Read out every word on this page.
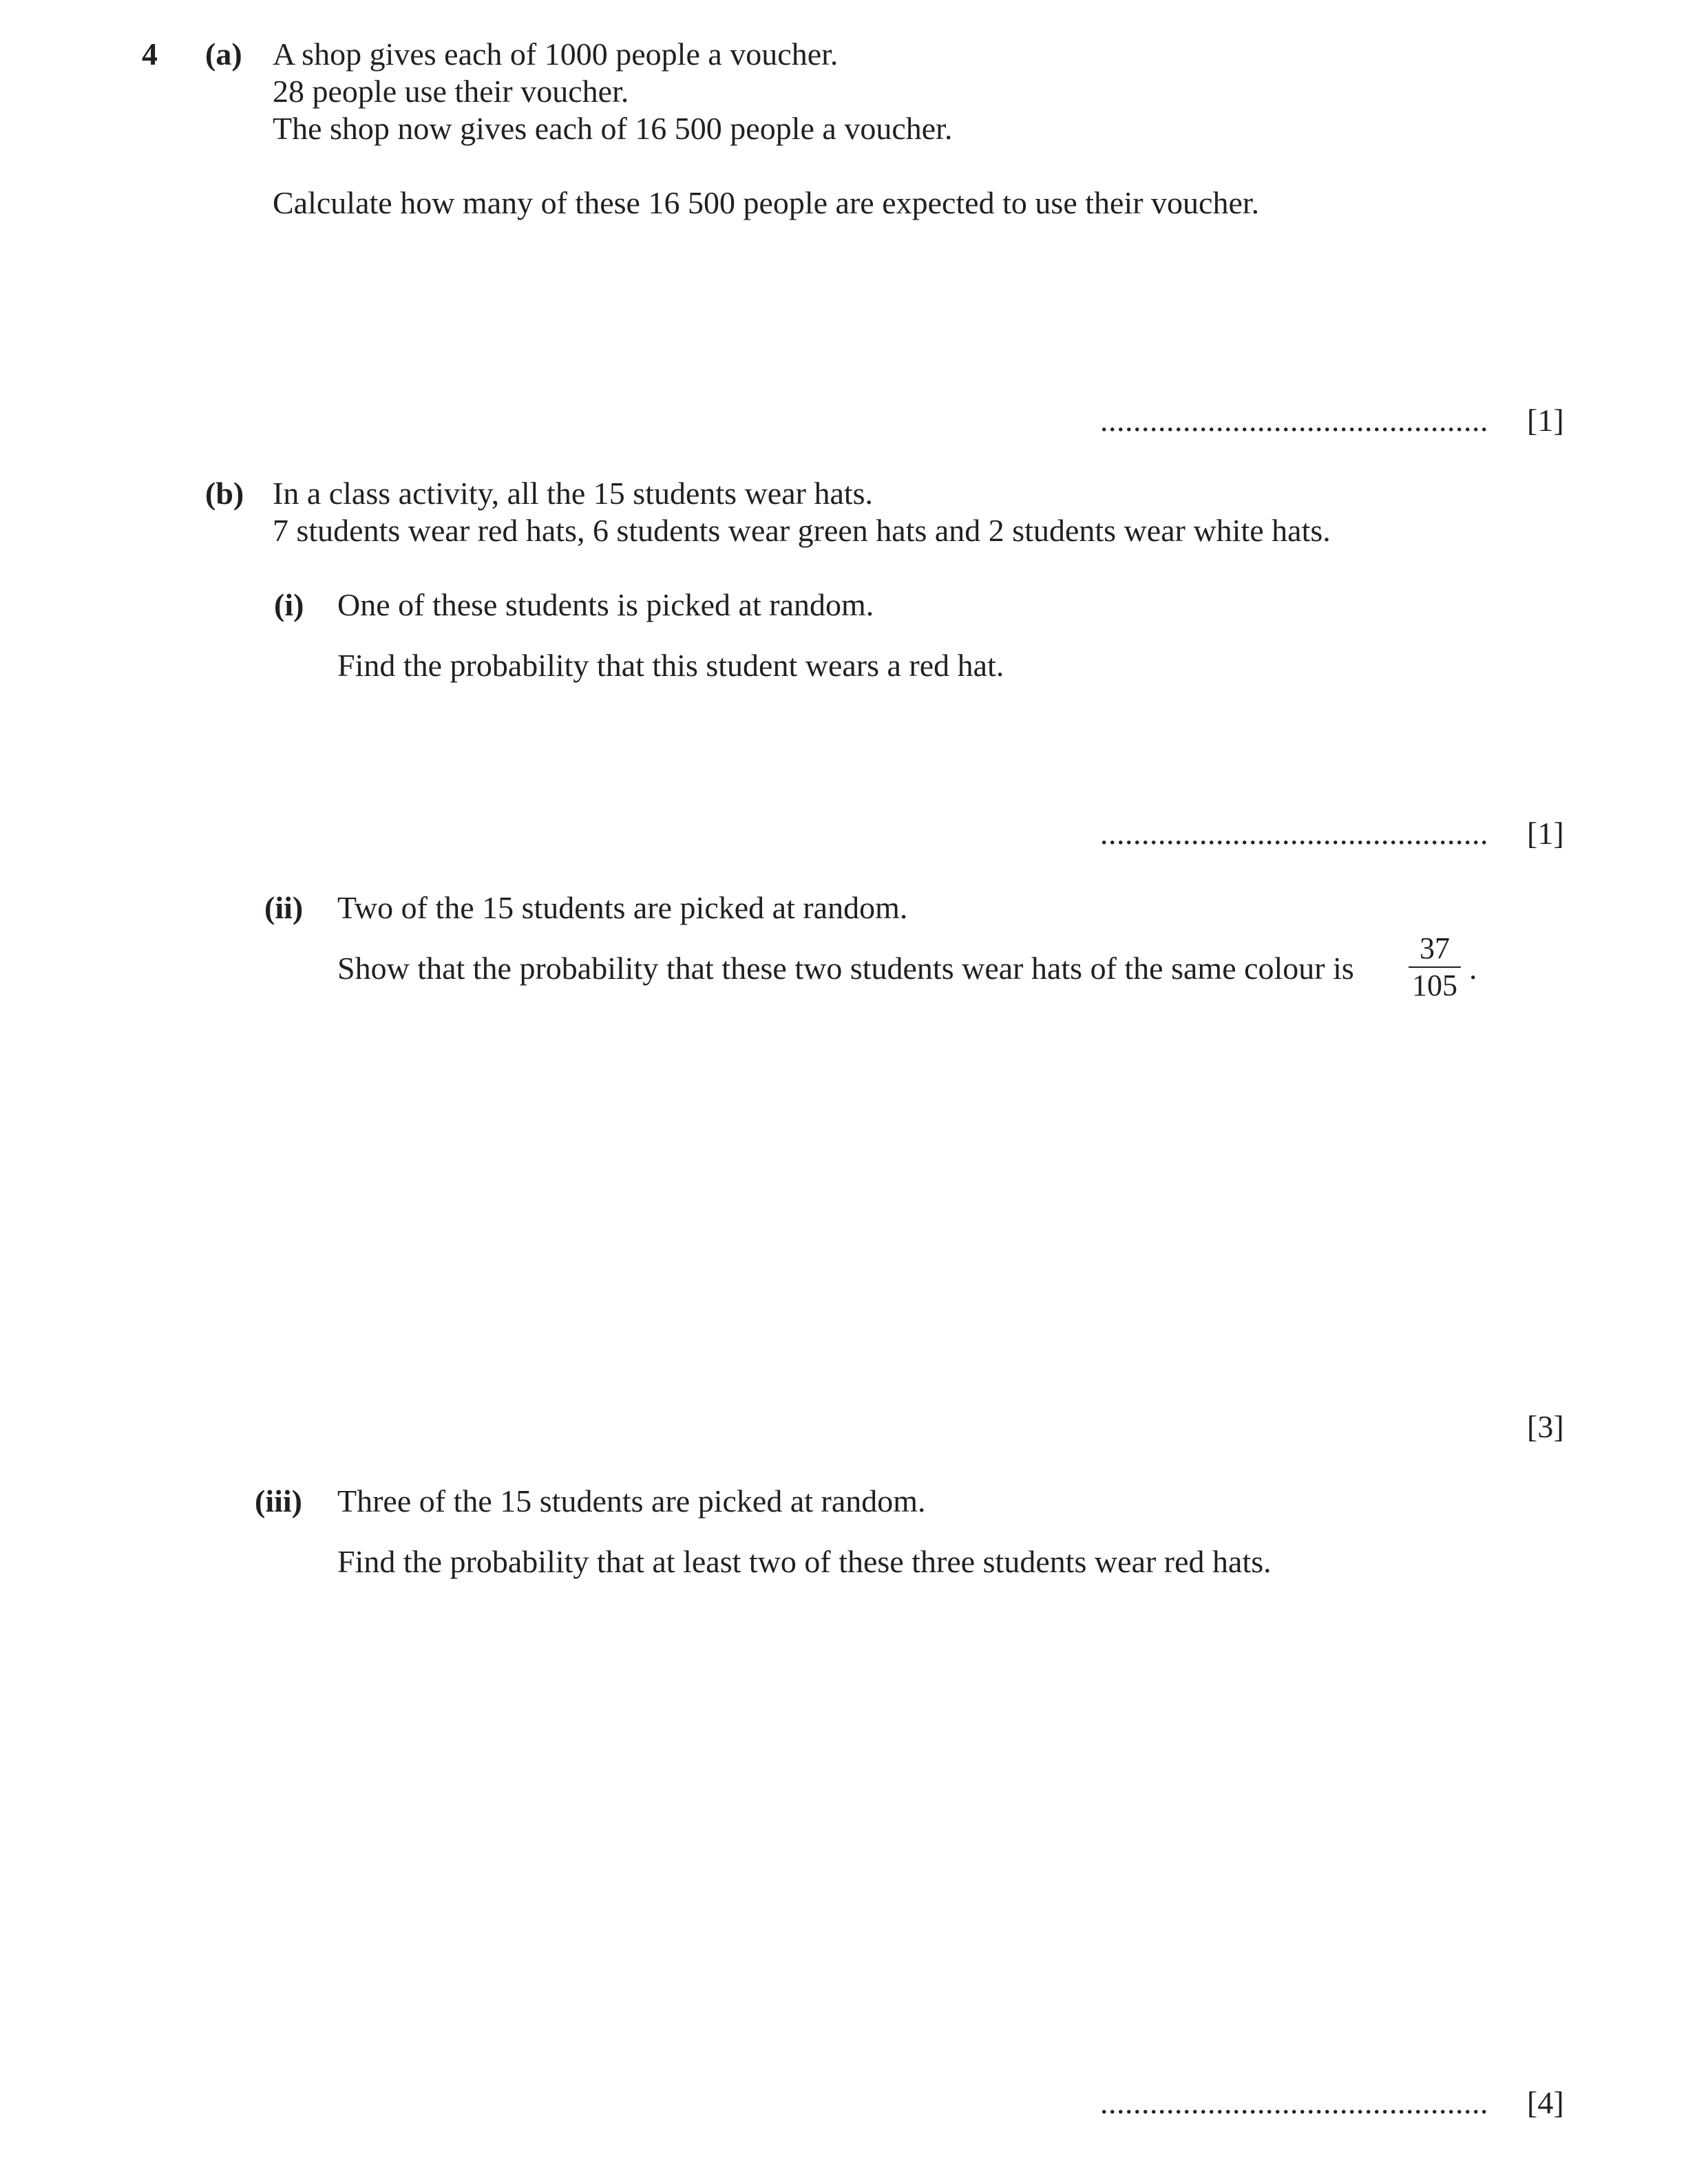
4 (a) A shop gives each of 1000 people a voucher.
28 people use their voucher.
The shop now gives each of 16 500 people a voucher.
Calculate how many of these 16 500 people are expected to use their voucher.
............................................... [1]
(b) In a class activity, all the 15 students wear hats.
7 students wear red hats, 6 students wear green hats and 2 students wear white hats.
(i) One of these students is picked at random.
Find the probability that this student wears a red hat.
............................................... [1]
(ii) Two of the 15 students are picked at random.
Show that the probability that these two students wear hats of the same colour is
37
105 .
[3]
(iii) Three of the 15 students are picked at random.
Find the probability that at least two of these three students wear red hats.
............................................... [4]
